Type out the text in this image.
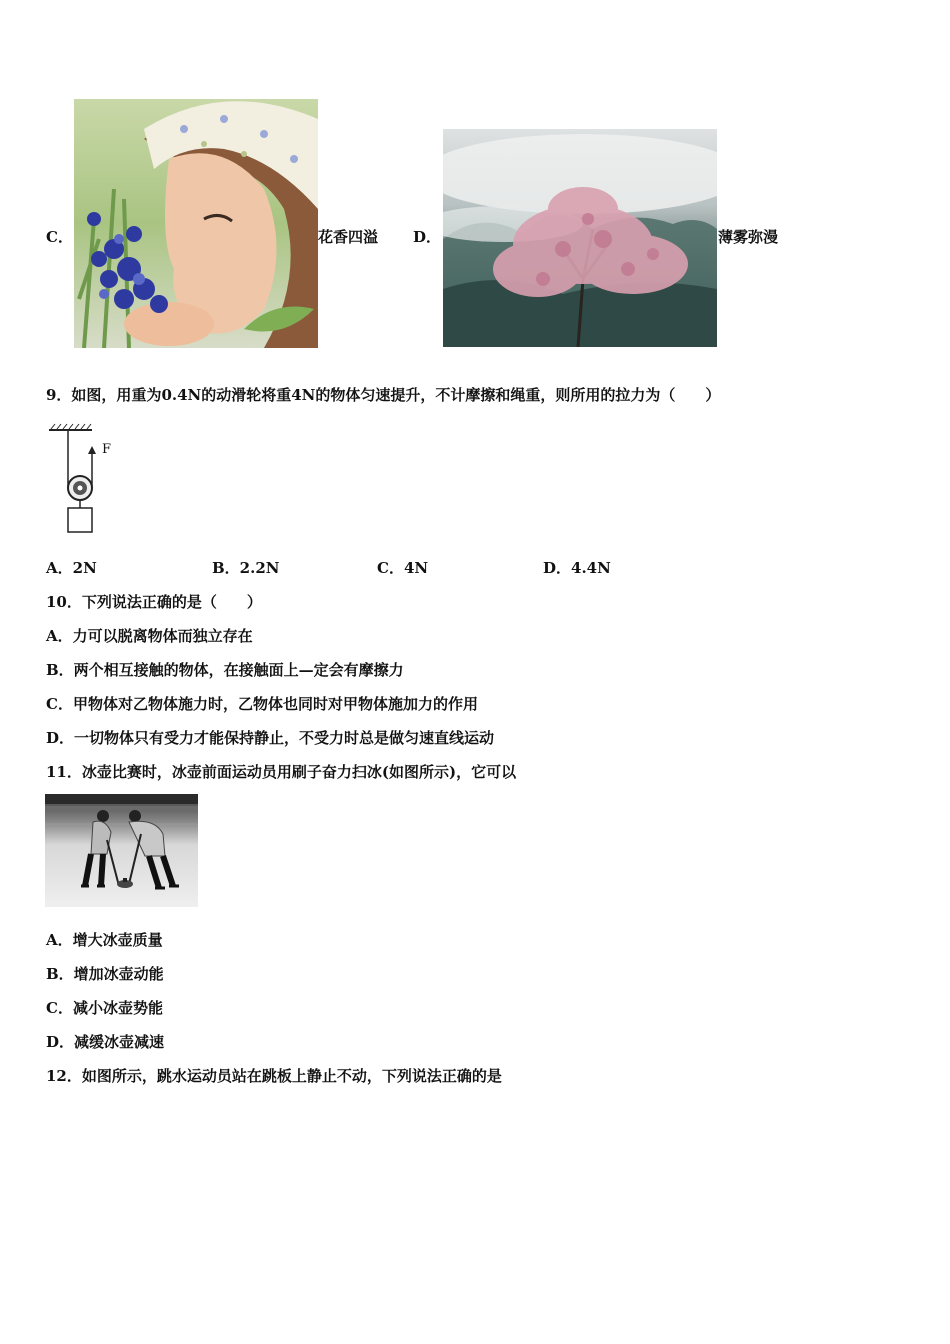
C．	花香四溢 D．	薄雾弥漫
9．如图，用重为0.4N的动滑轮将重4N的物体匀速提升，不计摩擦和绳重，则所用的拉力为（　　）
F
A．2N	B．2.2N	C．4N	D．4.4N
10．下列说法正确的是（　　）
A．力可以脱离物体而独立存在
B．两个相互接触的物体，在接触面上—定会有摩擦力
C．甲物体对乙物体施力时，乙物体也同时对甲物体施加力的作用
D．一切物体只有受力才能保持静止，不受力时总是做匀速直线运动
11．冰壶比赛时，冰壶前面运动员用刷子奋力扫冰(如图所示)，它可以
A．增大冰壶质量
B．增加冰壶动能
C．减小冰壶势能
D．减缓冰壶减速
12．如图所示，跳水运动员站在跳板上静止不动，下列说法正确的是
